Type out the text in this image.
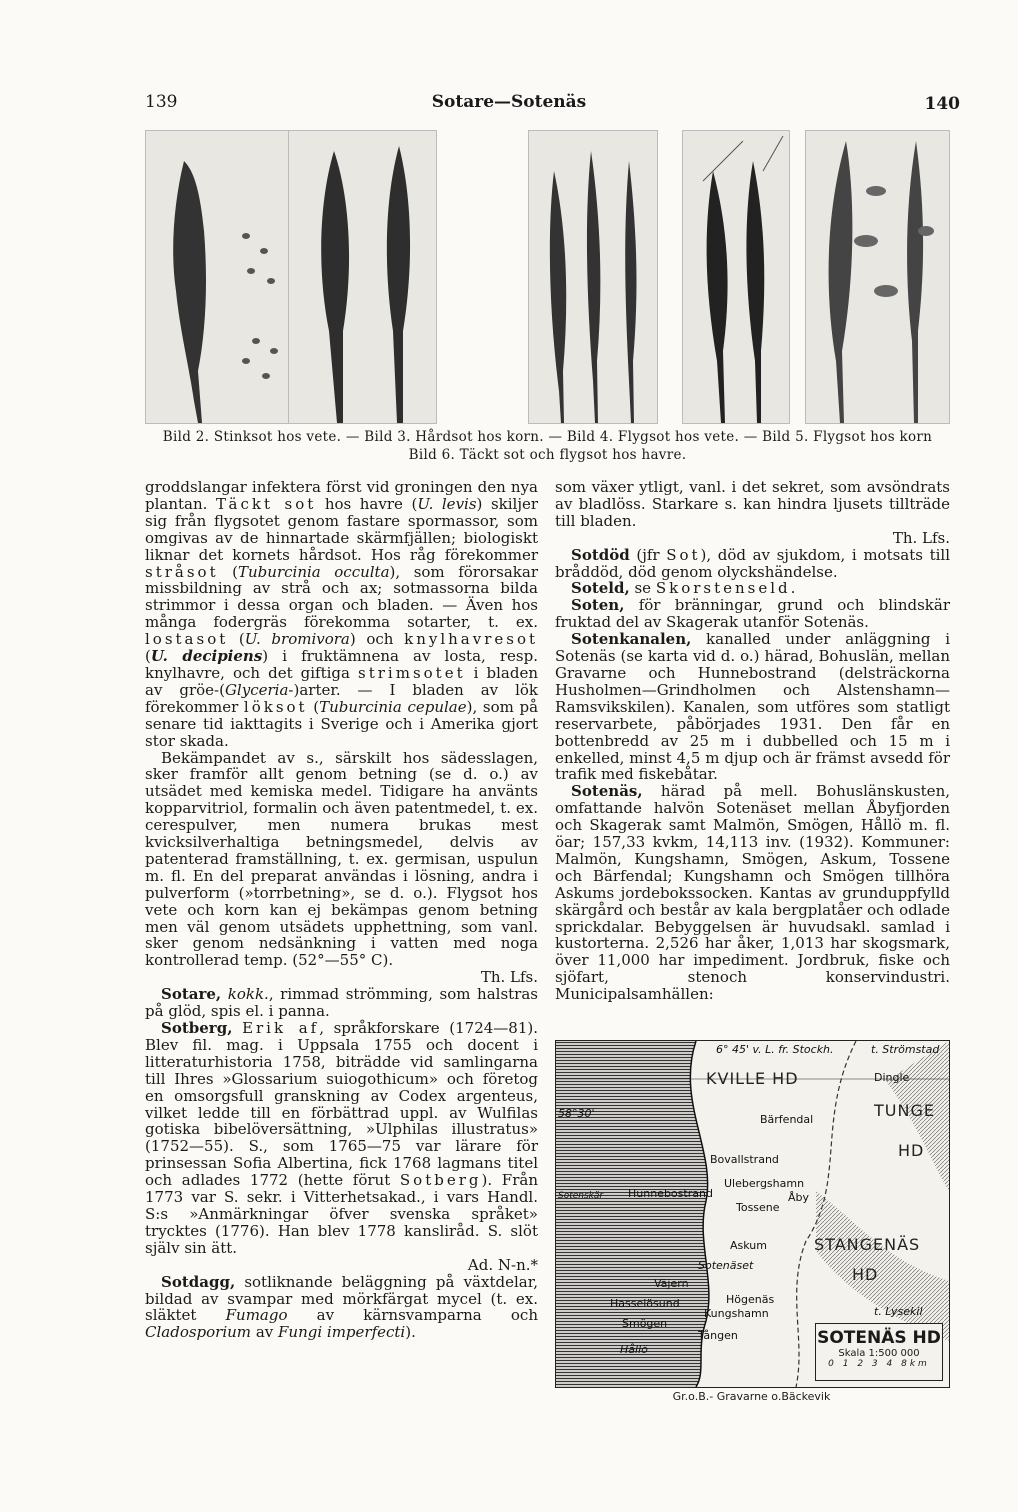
139	Sotare—Sotenäs	140
Bild 2. Stinksot hos vete. — Bild 3. Hårdsot hos korn. — Bild 4. Flygsot hos vete. — Bild 5. Flygsot hos korn
Bild 6. Täckt sot och flygsot hos havre.

groddslangar infektera först vid groningen den nya plantan. Täckt sot hos havre (U. levis) skiljer sig från flygsotet genom fastare spormassor, som omgivas av de hinnartade skärmfjällen; biologiskt liknar det kornets hårdsot. Hos råg förekommer stråsot (Tuburcinia occulta), som förorsakar missbildning av strå och ax; sotmassorna bilda strimmor i dessa organ och bladen. — Även hos många fodergräs förekomma sotarter, t. ex. lostasot (U. bromivora) och knylhavresot (U. decipiens) i fruktämnena av losta, resp. knylhavre, och det giftiga strimsotet i bladen av gröe-(Glyceria-)arter. — I bladen av lök förekommer löksot (Tuburcinia cepulae), som på senare tid iakttagits i Sverige och i Amerika gjort stor skada.

Bekämpandet av s., särskilt hos sädesslagen, sker framför allt genom betning (se d. o.) av utsädet med kemiska medel. Tidigare ha använts kopparvitriol, formalin och även patentmedel, t. ex. cerespulver, men numera brukas mest kvicksilverhaltiga betningsmedel, delvis av patenterad framställning, t. ex. germisan, uspulun m. fl. En del preparat användas i lösning, andra i pulverform (»torrbetning», se d. o.). Flygsot hos vete och korn kan ej bekämpas genom betning men väl genom utsädets upphettning, som vanl. sker genom nedsänkning i vatten med noga kontrollerad temp. (52°—55° C).

Th. Lfs.

Sotare, kokk., rimmad strömming, som halstras på glöd, spis el. i panna.

Sotberg, Erik af, språkforskare (1724—81). Blev fil. mag. i Uppsala 1755 och docent i litteraturhistoria 1758, biträdde vid samlingarna till Ihres »Glossarium suiogothicum» och företog en omsorgsfull granskning av Codex argenteus, vilket ledde till en förbättrad uppl. av Wulfilas gotiska bibelöversättning, »Ulphilas illustratus» (1752—55). S., som 1765—75 var lärare för prinsessan Sofia Albertina, fick 1768 lagmans titel och adlades 1772 (hette förut Sotberg). Från 1773 var S. sekr. i Vitterhetsakad., i vars Handl. S:s »Anmärkningar öfver svenska språket» trycktes (1776). Han blev 1778 kansliråd. S. slöt själv sin ätt.

Ad. N-n.*

Sotdagg, sotliknande beläggning på växtdelar, bildad av svampar med mörkfärgat mycel (t. ex. släktet Fumago av kärnsvamparna och Cladosporium av Fungi imperfecti).

som växer ytligt, vanl. i det sekret, som avsöndrats av bladlöss. Starkare s. kan hindra ljusets tillträde till bladen.

Th. Lfs.

Sotdöd (jfr Sot), död av sjukdom, i motsats till bråddöd, död genom olyckshändelse.

Soteld, se Skorstenseld.

Soten, för bränningar, grund och blindskär fruktad del av Skagerak utanför Sotenäs.

Sotenkanalen, kanalled under anläggning i Sotenäs (se karta vid d. o.) härad, Bohuslän, mellan Gravarne och Hunnebostrand (delsträckorna Husholmen—Grindholmen och Alstenshamn—Ramsvikskilen). Kanalen, som utföres som statligt reservarbete, påbörjades 1931. Den får en bottenbredd av 25 m i dubbelled och 15 m i enkelled, minst 4,5 m djup och är främst avsedd för trafik med fiskebåtar.

Sotenäs, härad på mell. Bohuslänskusten, omfattande halvön Sotenäset mellan Åbyfjorden och Skagerak samt Malmön, Smögen, Hållö m. fl. öar; 157,33 kvkm, 14,113 inv. (1932). Kommuner: Malmön, Kungshamn, Smögen, Askum, Tossene och Bärfendal; Kungshamn och Smögen tillhöra Askums jordebokssocken. Kantas av grunduppfylld skärgård och består av kala bergplatåer och odlade sprickdalar. Bebyggelsen är huvudsakl. samlad i kustorterna. 2,526 har åker, 1,013 har skogsmark, över 11,000 har impediment. Jordbruk, fiske och sjöfart, stenoch konservindustri. Municipalsamhällen:

6° 45' v. L. fr. Stockh.	t. Strömstad
KVILLE HD
TUNGE
HD
STANGENÄS
HD
58°30'
Dingle
Bärfendal
Bovallstrand
Hunnebostrand
Ulebergshamn
Tossene
Åby
Askum
Sotenäset
Sotenskär
Väjern
Hasselösund
Kungshamn
Smögen
Hållö
Högenäs
Tången
t. Lysekil
SOTENÄS HD
Skala 1:500 000
0 1 2 3 4 8km
Gr.o.B.- Gravarne o.Bäckevik
